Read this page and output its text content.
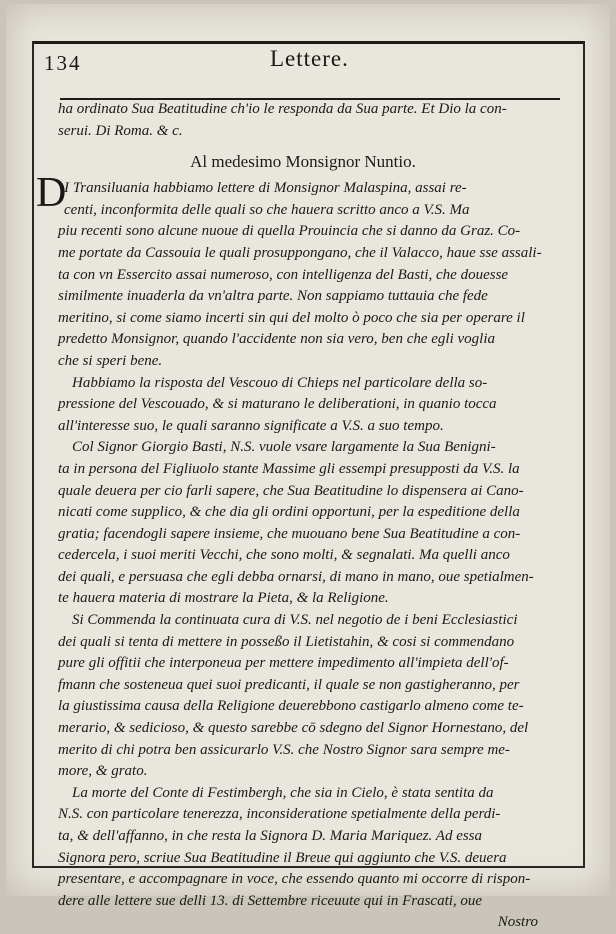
134	Lettere.
ha ordinato Sua Beatitudine ch'io le responda da Sua parte. Et Dio la con-
serui. Di Roma. & c.
Al medesimo Monsignor Nuntio.
D
I Transiluania habbiamo lettere di Monsignor Malaspina, assai re-
centi, inconformita delle quali so che hauera scritto anco a V.S. Ma
piu recenti sono alcune nuoue di quella Prouincia che si danno da Graz. Co-
me portate da Cassouia le quali prosuppongano, che il Valacco, haue sse assali-
ta con vn Essercito assai numeroso, con intelligenza del Basti, che douesse
similmente inuaderla da vn'altra parte. Non sappiamo tuttauia che fede
meritino, si come siamo incerti sin qui del molto ò poco che sia per operare il
predetto Monsignor, quando l'accidente non sia vero, ben che egli voglia
che si speri bene.
Habbiamo la risposta del Vescouo di Chieps nel particolare della so-
pressione del Vescouado, & si maturano le deliberationi, in quanio tocca
all'interesse suo, le quali saranno significate a V.S. a suo tempo.
Col Signor Giorgio Basti, N.S. vuole vsare largamente la Sua Benigni-
ta in persona del Figliuolo stante Massime gli essempi presupposti da V.S. la
quale deuera per cio farli sapere, che Sua Beatitudine lo dispensera ai Cano-
nicati come supplico, & che dia gli ordini opportuni, per la espeditione della
gratia; facendogli sapere insieme, che muouano bene Sua Beatitudine a con-
cedercela, i suoi meriti Vecchi, che sono molti, & segnalati. Ma quelli anco
dei quali, e persuasa che egli debba ornarsi, di mano in mano, oue spetialmen-
te hauera materia di mostrare la Pieta, & la Religione.
Si Commenda la continuata cura di V.S. nel negotio de i beni Ecclesiastici
dei quali si tenta di mettere in posseßo il Lietistahin, & cosi si commendano
pure gli offitii che interponeua per mettere impedimento all'impieta dell'of-
fmann che sosteneua quei suoi predicanti, il quale se non gastigheranno, per
la giustissima causa della Religione deuerebbono castigarlo almeno come te-
merario, & sedicioso, & questo sarebbe cō sdegno del Signor Hornestano, del
merito di chi potra ben assicurarlo V.S. che Nostro Signor sara sempre me-
more, & grato.
La morte del Conte di Festimbergh, che sia in Cielo, è stata sentita da
N.S. con particolare tenerezza, inconsideratione spetialmente della perdi-
ta, & dell'affanno, in che resta la Signora D. Maria Mariquez. Ad essa
Signora pero, scriue Sua Beatitudine il Breue qui aggiunto che V.S. deuera
presentare, e accompagnare in voce, che essendo quanto mi occorre di rispon-
dere alle lettere sue delli 13. di Settembre riceuute qui in Frascati, oue
Nostro
